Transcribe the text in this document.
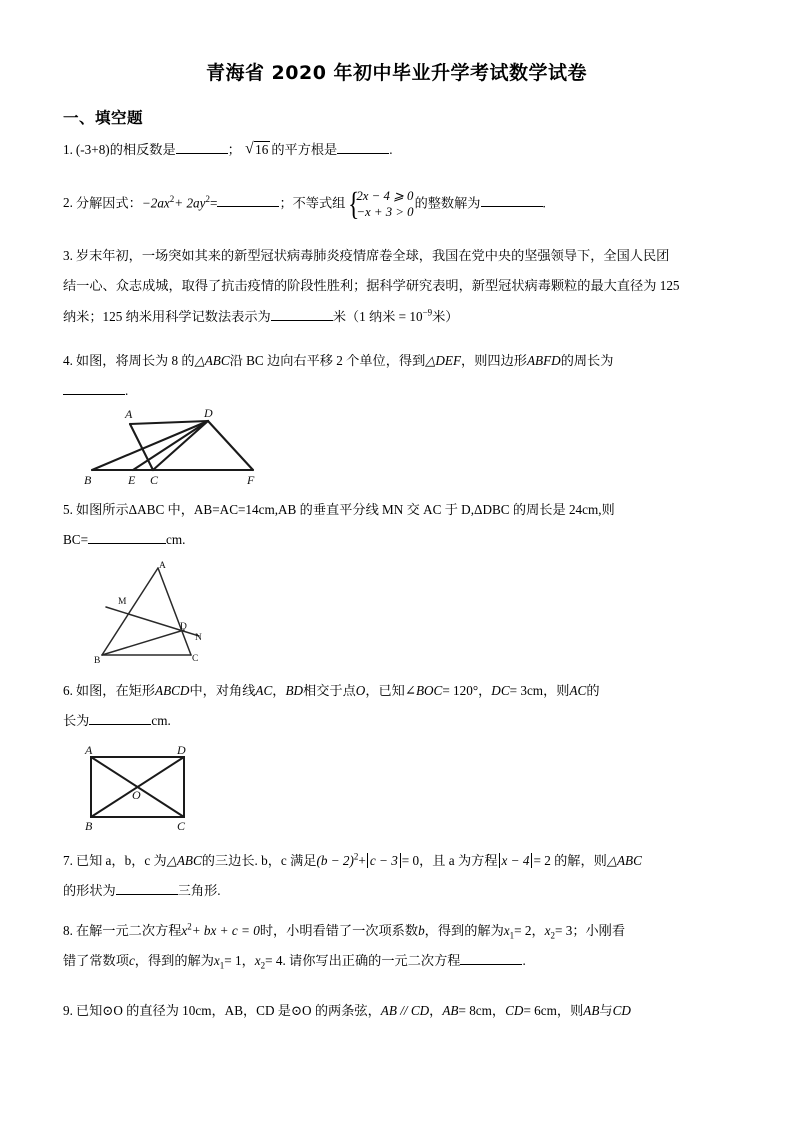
青海省 2020 年初中毕业升学考试数学试卷
一、填空题
1. (-3+8)的相反数是	； √ 16 的平方根是	.
2. 分解因式：$-2ax^2+ 2ay^2=$	；不等式组 {
2x − 4 ⩾ 0
−x + 3 > 0
的整数解为	.
3. 岁末年初，一场突如其来的新型冠状病毒肺炎疫情席卷全球，我国在党中央的坚强领导下，全国人民团
结一心、众志成城，取得了抗击疫情的阶段性胜利；据科学研究表明，新型冠状病毒颗粒的最大直径为 125
纳米；125 纳米用科学记数法表示为	米（1 纳米 = $10^{-9}$米）
4. 如图，将周长为 8 的△ABC沿 BC 边向右平移 2 个单位，得到△DEF，则四边形ABFD的周长为
.
A	D
B	E C	F
5. 如图所示ΔABC 中，AB=AC=14cm,AB 的垂直平分线 MN 交 AC 于 D,ΔDBC 的周长是 24cm,则
BC=	cm.
A
M
D
N
B	C
6. 如图，在矩形ABCD中，对角线AC，BD相交于点O，已知∠BOC= 120°，DC= 3cm，则AC的
长为	cm.
A	D
O
B	C
7. 已知 a，b，c 为△ABC的三边长. b，c 满足$(b - 2)^2+ c - 3 = 0$，且 a 为方程 x − 4 = 2 的解，则△ABC
的形状为	三角形.
8. 在解一元二次方程$x^2+$ bx + c = 0时，小明看错了一次项系数b，得到的解为$x_1= 2$，$x_2= 3$；小刚看
错了常数项c，得到的解为$x_1= 1$，$x_2= 4$. 请你写出正确的一元二次方程	.
9. 已知⊙O 的直径为 10cm，AB，CD 是⊙O 的两条弦，AB // CD，AB= 8cm，CD= 6cm，则AB与CD
